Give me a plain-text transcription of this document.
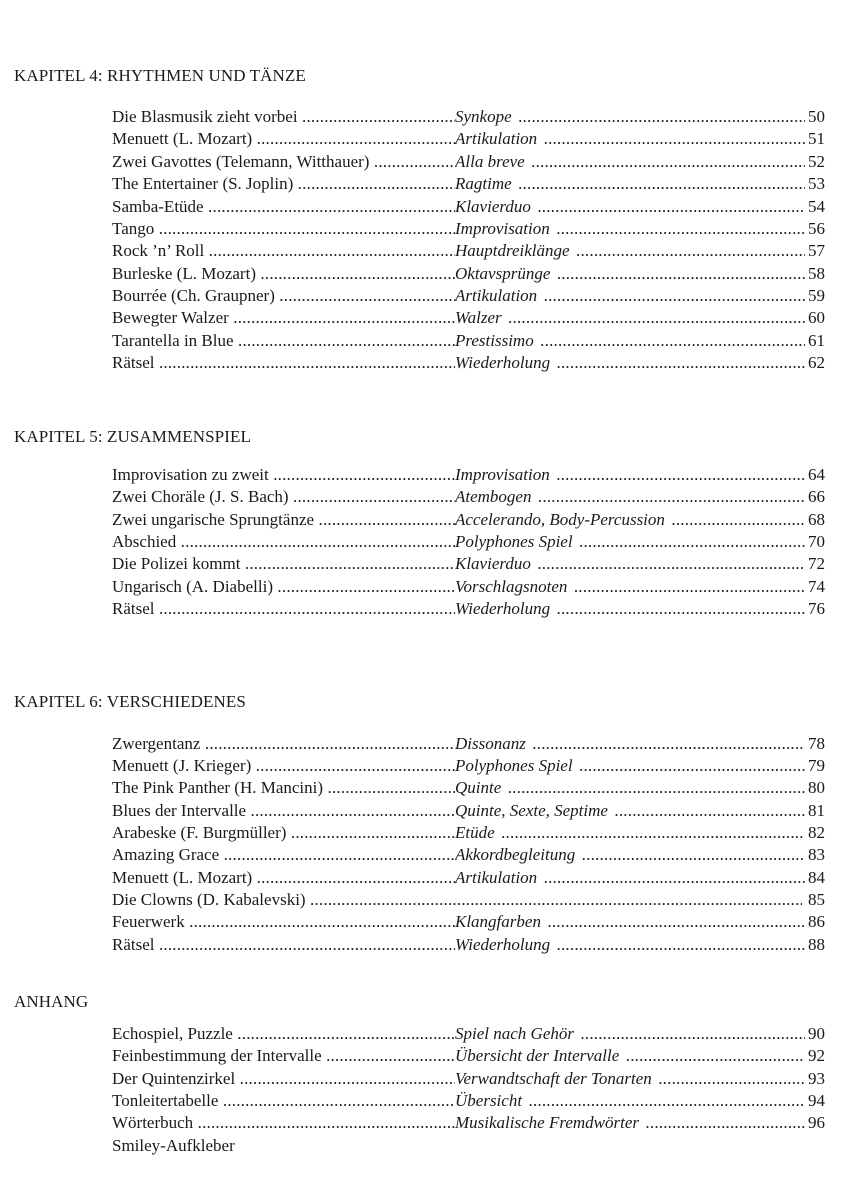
KAPITEL 4: RHYTHMEN UND TÄNZE
Die Blasmusik zieht vorbei .....	Synkope .....	50
Menuett (L. Mozart) .....	Artikulation .....	51
Zwei Gavottes (Telemann, Witthauer) .....	Alla breve .....	52
The Entertainer (S. Joplin) .....	Ragtime .....	53
Samba-Etüde .....	Klavierduo .....	54
Tango .....	Improvisation .....	56
Rock ’n’ Roll .....	Hauptdreiklänge .....	57
Burleske (L. Mozart) .....	Oktavsprünge .....	58
Bourrée (Ch. Graupner) .....	Artikulation .....	59
Bewegter Walzer .....	Walzer .....	60
Tarantella in Blue .....	Prestissimo .....	61
Rätsel .....	Wiederholung .....	62
KAPITEL 5: ZUSAMMENSPIEL
Improvisation zu zweit .....	Improvisation .....	64
Zwei Choräle (J. S. Bach) .....	Atembogen .....	66
Zwei ungarische Sprungtänze .....	Accelerando, Body-Percussion .....	68
Abschied .....	Polyphones Spiel .....	70
Die Polizei kommt .....	Klavierduo .....	72
Ungarisch (A. Diabelli) .....	Vorschlagsnoten .....	74
Rätsel .....	Wiederholung .....	76
KAPITEL 6: VERSCHIEDENES
Zwergentanz .....	Dissonanz .....	78
Menuett (J. Krieger) .....	Polyphones Spiel .....	79
The Pink Panther (H. Mancini) .....	Quinte .....	80
Blues der Intervalle .....	Quinte, Sexte, Septime .....	81
Arabeske (F. Burgmüller) .....	Etüde .....	82
Amazing Grace .....	Akkordbegleitung .....	83
Menuett (L. Mozart) .....	Artikulation .....	84
Die Clowns (D. Kabalevski) .....	85
Feuerwerk .....	Klangfarben .....	86
Rätsel .....	Wiederholung .....	88
ANHANG
Echospiel, Puzzle .....	Spiel nach Gehör .....	90
Feinbestimmung der Intervalle .....	Übersicht der Intervalle .....	92
Der Quintenzirkel .....	Verwandtschaft der Tonarten .....	93
Tonleitertabelle .....	Übersicht .....	94
Wörterbuch .....	Musikalische Fremdwörter .....	96
Smiley-Aufkleber
